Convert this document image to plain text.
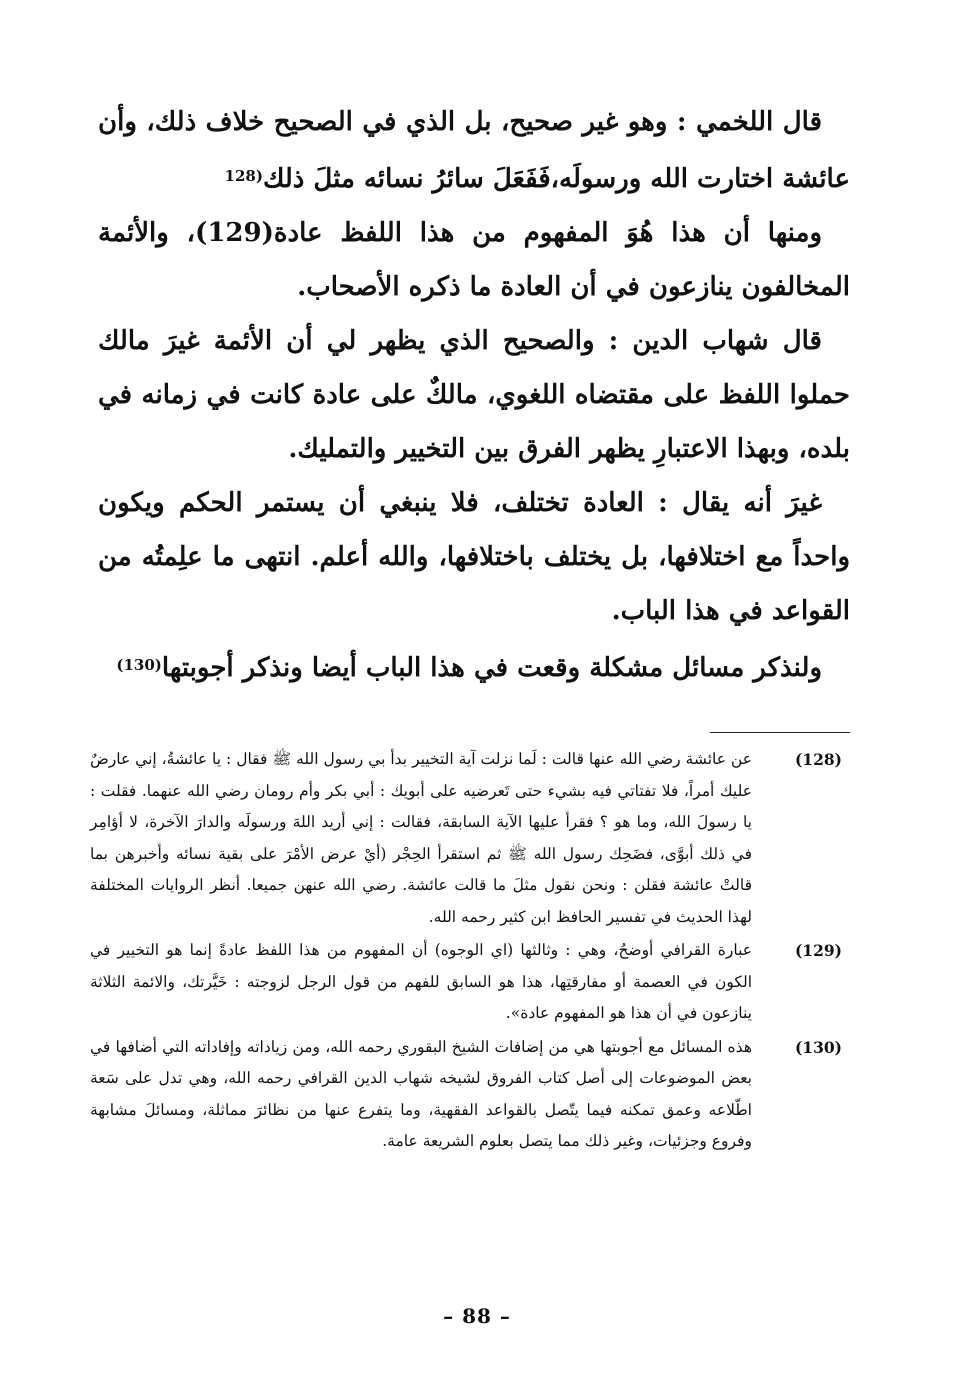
قال اللخمي : وهو غير صحيح، بل الذي في الصحيح خلاف ذلك، وأن عائشة اختارت الله ورسولَه،فَفَعَلَ سائرُ نسائه مثلَ ذلك$^{(128}$

ومنها أن هذا هُوَ المفهوم من هذا اللفظ عادة(129)، والأئمة المخالفون ينازعون في أن العادة ما ذكره الأصحاب.

قال شهاب الدين : والصحيح الذي يظهر لي أن الأئمة غيرَ مالك حملوا اللفظ على مقتضاه اللغوي، مالكٌ على عادة كانت في زمانه في بلده، وبهذا الاعتبارِ يظهر الفرق بين التخيير والتمليك.

غيرَ أنه يقال : العادة تختلف، فلا ينبغي أن يستمر الحكم ويكون واحداً مع اختلافها، بل يختلف باختلافها، والله أعلم. انتهى ما علِمتُه من القواعد في هذا الباب.

ولنذكر مسائل مشكلة وقعت في هذا الباب أيضا ونذكر أجوبتها$^{(130)}$

(128)
عن عائشة رضي الله عنها قالت : لَما نزلت آية التخيير بدأ بي رسول الله ﷺ فقال : يا عائشةُ، إني عارضٌ عليك أمراً، فلا تفتاتي فيه بشيء حتى تَعرضيه على أبويك : أبي بكر وأم رومان رضي الله عنهما. فقلت : يا رسولَ الله، وما هو ؟ فقرأ عليها الآية السابقة، فقالت : إني أريد اللهَ ورسولَه والدارَ الآخرة، لا أؤامِر في ذلك أبوَّى، فضَحِك رسول الله ﷺ ثم استقرأ الحِجْر (أيْ عرض الأمْرَ على بقية نسائه وأخبرهن بما قالتْ عائشة فقلن : ونحن نقول مثلَ ما قالت عائشة. رضي الله عنهن جميعا. أنظر الروايات المختلفة لهذا الحديث في تفسير الحافظ ابن كثير رحمه الله.

(129)
عبارة القرافي أوضحُ، وهي : وثالثها (اي الوجوه) أن المفهوم من هذا اللفظ عادةً إنما هو التخيير في الكون في العصمة أو مفارقتِها، هذا هو السابق للفهم من قول الرجل لزوجته : خَيَّرتك، والائمة الثلاثة ينازعون في أن هذا هو المفهوم عادة».

(130)
هذه المسائل مع أجوبتها هي من إضافات الشيخ البقوري رحمه الله، ومن زياداته وإفاداته التي أضافها في بعض الموضوعات إلى أصل كتاب الفروق لشيخه شهاب الدين القرافي رحمه الله، وهي تدل على سَعة اطّلاعه وعمق تمكنه فيما يتّصل بالقواعد الفقهية، وما يتفرع عنها من نظائرَ مماثلة، ومسائلَ مشابهة وفروع وجزئيات، وغير ذلك مما يتصل بعلوم الشريعة عامة.

– 88 –
